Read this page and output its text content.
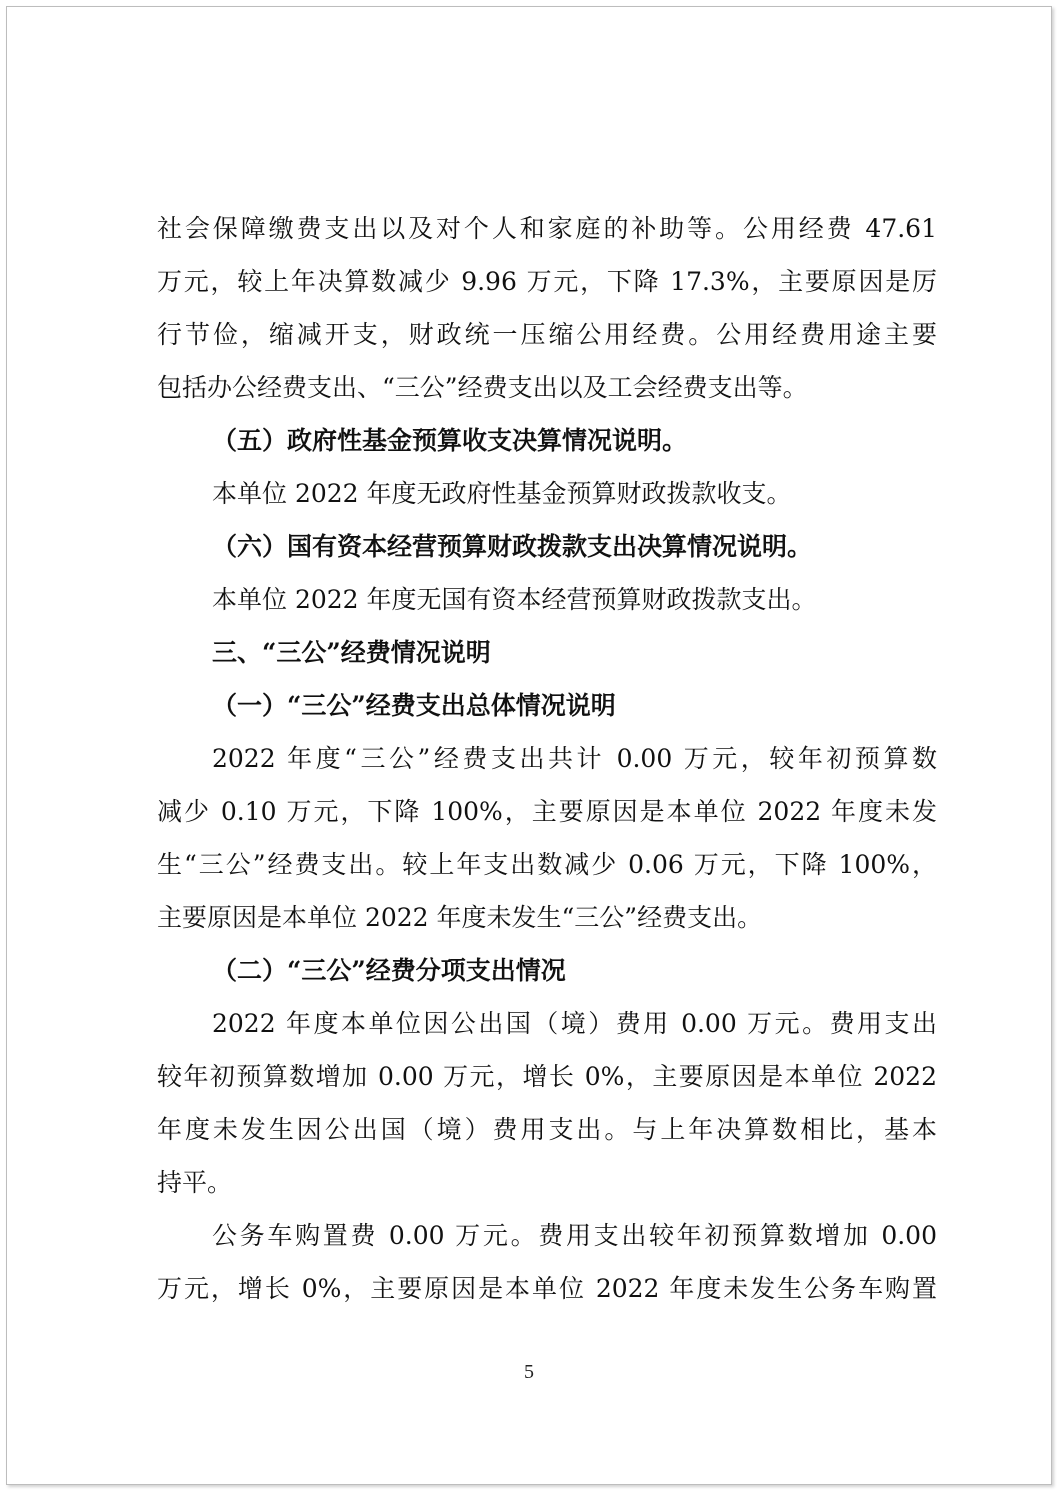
社会保障缴费支出以及对个人和家庭的补助等。公用经费 47.61
万元，较上年决算数减少 9.96 万元，下降 17.3%，主要原因是厉
行节俭，缩减开支，财政统一压缩公用经费。公用经费用途主要
包括办公经费支出、“三公”经费支出以及工会经费支出等。
（五）政府性基金预算收支决算情况说明。
本单位 2022 年度无政府性基金预算财政拨款收支。
（六）国有资本经营预算财政拨款支出决算情况说明。
本单位 2022 年度无国有资本经营预算财政拨款支出。
三、“三公”经费情况说明
（一）“三公”经费支出总体情况说明
2022 年度“三公”经费支出共计 0.00 万元，较年初预算数
减少 0.10 万元，下降 100%，主要原因是本单位 2022 年度未发
生“三公”经费支出。较上年支出数减少 0.06 万元，下降 100%，
主要原因是本单位 2022 年度未发生“三公”经费支出。
（二）“三公”经费分项支出情况
2022 年度本单位因公出国（境）费用 0.00 万元。费用支出
较年初预算数增加 0.00 万元，增长 0%，主要原因是本单位 2022
年度未发生因公出国（境）费用支出。与上年决算数相比，基本
持平。
公务车购置费 0.00 万元。费用支出较年初预算数增加 0.00
万元，增长 0%，主要原因是本单位 2022 年度未发生公务车购置
5
